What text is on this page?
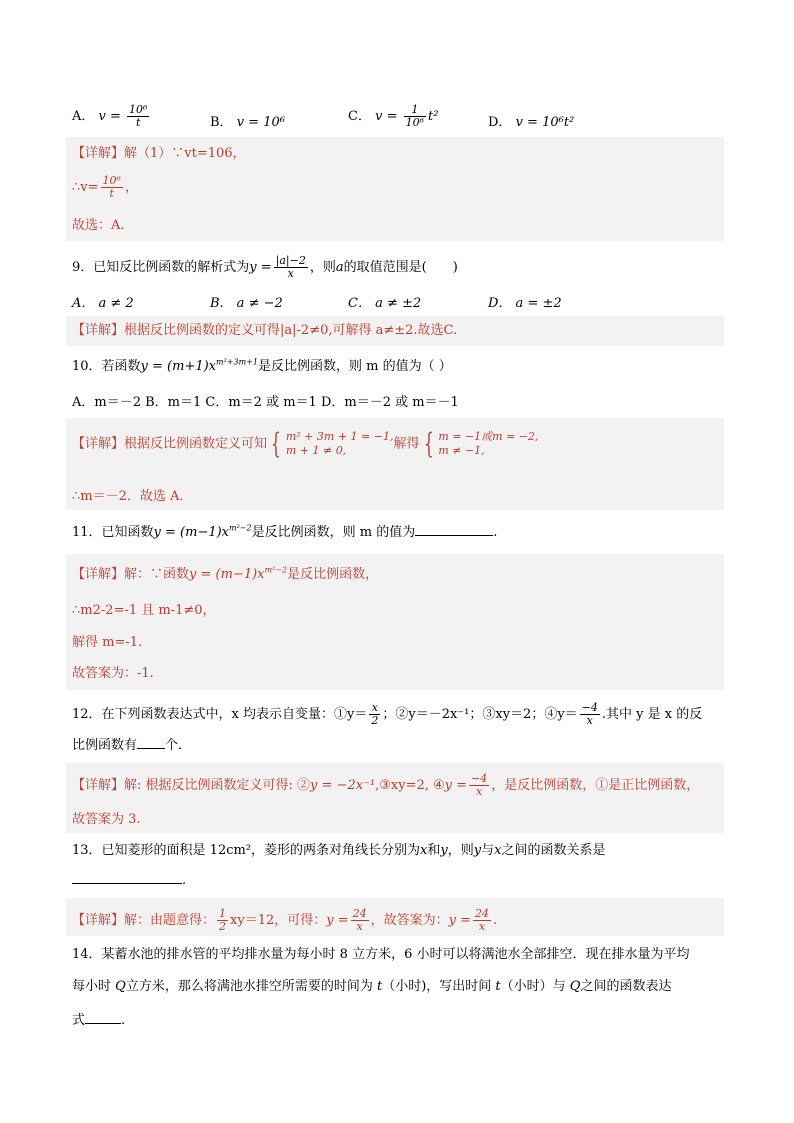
A． $v = \frac{\text{10⁶}}{t}$	B． v = 10⁶	C． $v = \frac{1}{\text{10⁶}} t^2$	D． v = 10⁶t²
【详解】解（1）∵vt=106，
∴v= $\frac{\text{10⁶}}{t}$ ，
故选：A.
9．已知反比例函数的解析式为$y = \frac{|a|-2}{x}$ ，则a的取值范围是(　　)
A． a ≠ 2	B． a ≠ −2	C． a ≠ ±2	D． a = ±2
【详解】根据反比例函数的定义可得|a|-2≠0,可解得 a≠±2.故选C.
10．若函数$y = (m+1)x^{m^2+3m+1}$是反比例函数，则 m 的值为（ ）
A．m＝－2 B．m＝1 C．m＝2 或 m＝1 D．m＝－2 或 m＝－1
【详解】根据反比例函数定义可知 { m² + 3m + 1 = −1,
m + 1 ≠ 0,	解得 { m = −1或m = −2,
m ≠ −1,
∴m＝－2．故选 A．
11．已知函数$y = (m-1)x^{m^2-2}$是反比例函数，则 m 的值为	.
【详解】解：∵函数$y = (m-1)x^{m^2-2}$是反比例函数，
∴m2-2=-1 且 m-1≠0，
解得 m=-1.
故答案为：-1.
12．在下列函数表达式中，x 均表示自变量：①y＝ $\frac{x}{2}$ ；②y＝－2x⁻¹；③xy＝2；④y＝ $\frac{-4}{x}$ .其中 y 是 x 的反
比例函数有 个．
【详解】解: 根据反比例函数定义可得: ②y = −2x⁻¹,③xy=2, ④y = $\frac{-4}{x}$ ，是反比例函数，①是正比例函数，
故答案为 3.
13．已知菱形的面积是 12cm²，菱形的两条对角线长分别为x和y，则y与x之间的函数关系是
.
【详解】解：由题意得： $\frac{1}{2} xy=12$，可得：$y = \frac{24}{x}$ ，故答案为：$y = \frac{24}{x}$ .
14．某蓄水池的排水管的平均排水量为每小时 8 立方米，6 小时可以将满池水全部排空．现在排水量为平均
每小时 Q立方米，那么将满池水排空所需要的时间为 t（小时)，写出时间 t（小时）与 Q之间的函数表达
式	.
